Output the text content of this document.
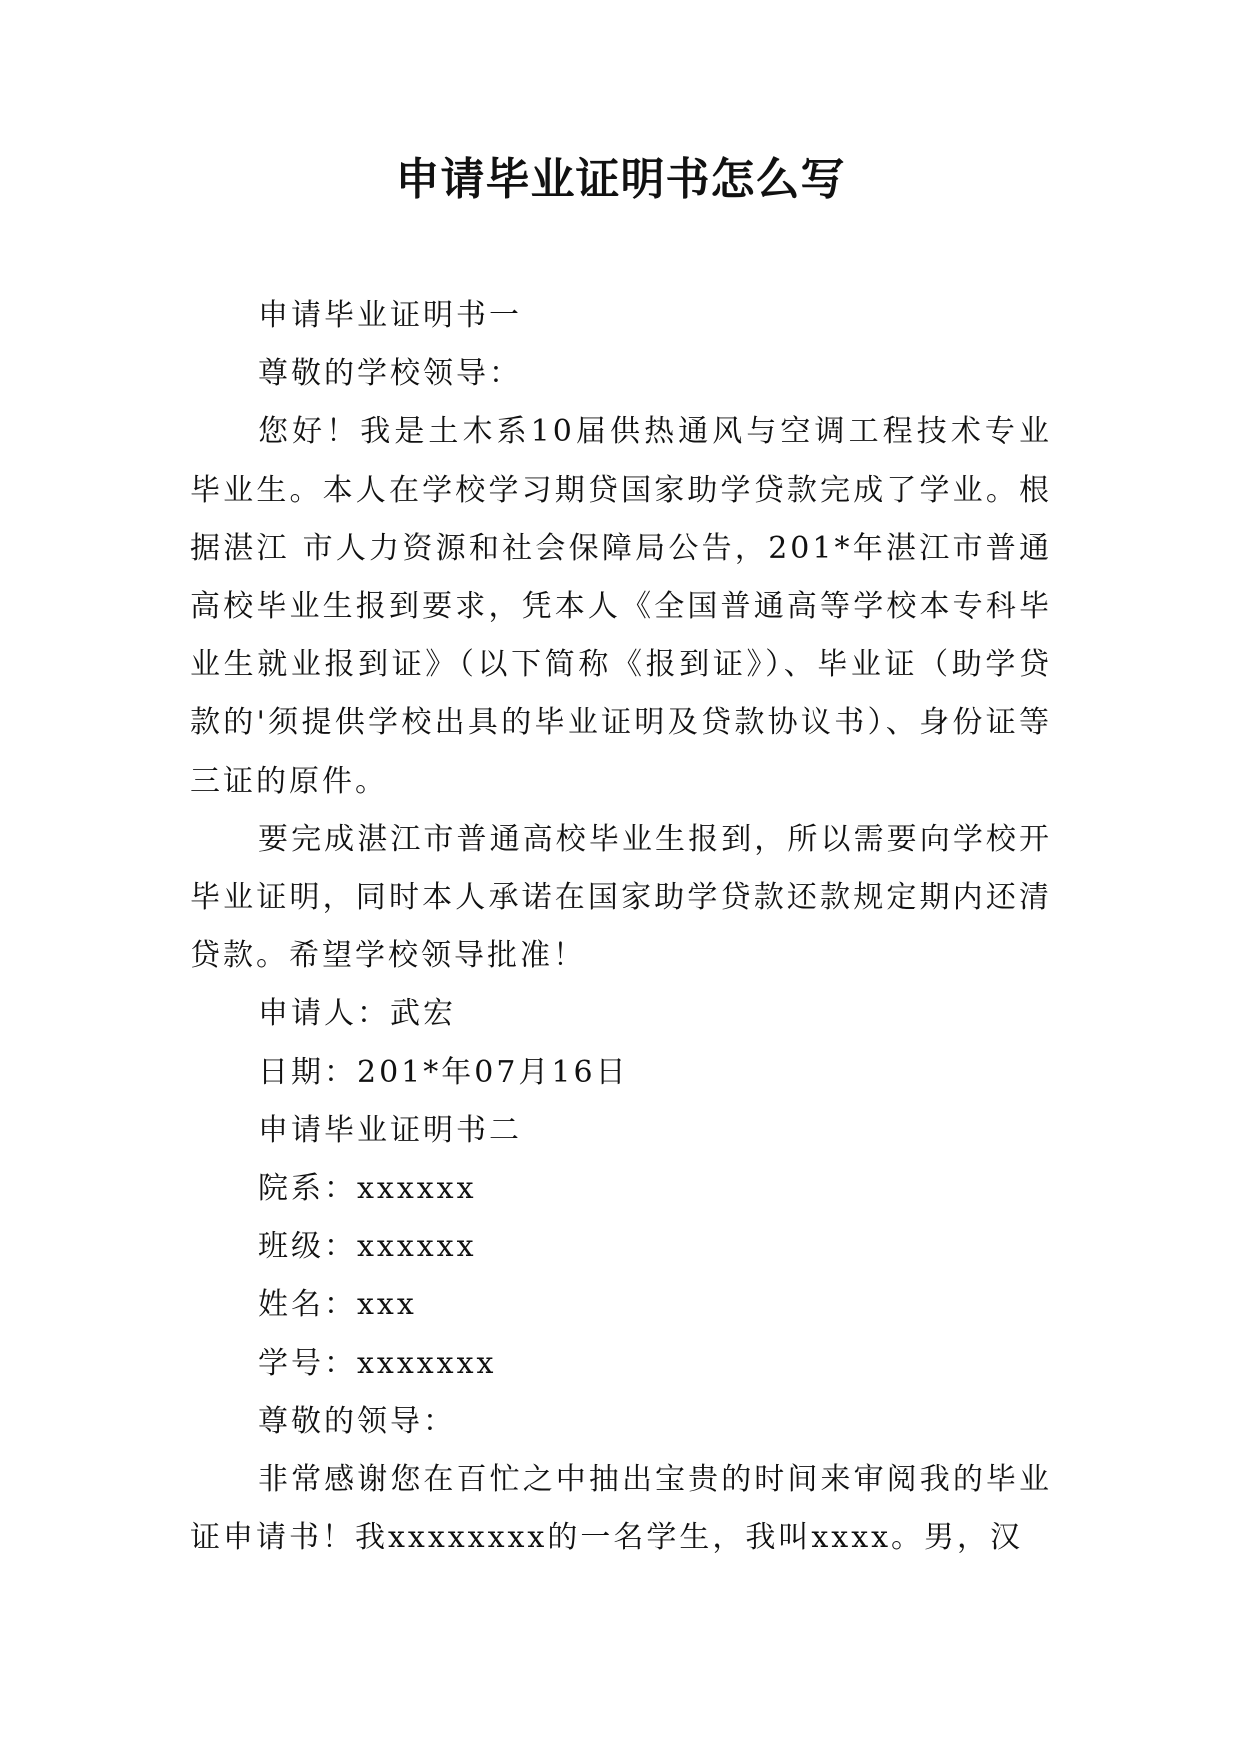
申请毕业证明书怎么写

申请毕业证明书一

尊敬的学校领导：

您好！我是土木系10届供热通风与空调工程技术专业毕业生。本人在学校学习期贷国家助学贷款完成了学业。根据湛江 市人力资源和社会保障局公告，201*年湛江市普通高校毕业生报到要求，凭本人《全国普通高等学校本专科毕业生就业报到证》（以下简称《报到证》）、毕业证（助学贷款的'须提供学校出具的毕业证明及贷款协议书）、身份证等三证的原件。

要完成湛江市普通高校毕业生报到，所以需要向学校开毕业证明，同时本人承诺在国家助学贷款还款规定期内还清贷款。希望学校领导批准！

申请人：武宏

日期：201*年07月16日

申请毕业证明书二

院系：xxxxxx

班级：xxxxxx

姓名：xxx

学号：xxxxxxx

尊敬的领导：

非常感谢您在百忙之中抽出宝贵的时间来审阅我的毕业证申请书！我xxxxxxxx的一名学生，我叫xxxx。男，汉
